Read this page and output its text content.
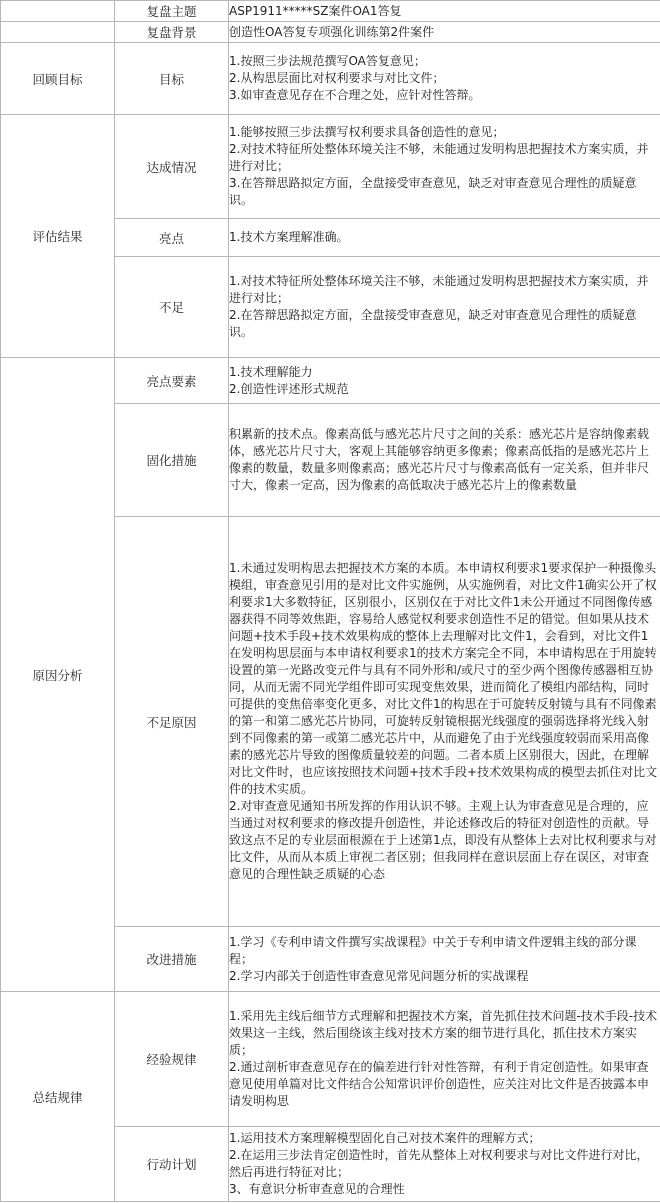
	复盘主题	ASP1911*****SZ案件OA1答复
	复盘背景	创造性OA答复专项强化训练第2件案件
回顾目标	目标	1.按照三步法规范撰写OA答复意见；
2.从构思层面比对权利要求与对比文件；
3.如审查意见存在不合理之处，应针对性答辩。

评估结果	达成情况	1.能够按照三步法撰写权利要求具备创造性的意见；
2.对技术特征所处整体环境关注不够，未能通过发明构思把握技术方案实质，并进行对比；
3.在答辩思路拟定方面，全盘接受审查意见，缺乏对审查意见合理性的质疑意识。

	亮点	1.技术方案理解准确。

	不足	1.对技术特征所处整体环境关注不够，未能通过发明构思把握技术方案实质，并进行对比；
2.在答辩思路拟定方面，全盘接受审查意见，缺乏对审查意见合理性的质疑意识。

原因分析	亮点要素	1.技术理解能力
2.创造性评述形式规范

	固化措施	积累新的技术点。像素高低与感光芯片尺寸之间的关系：感光芯片是容纳像素载体，感光芯片尺寸大，客观上其能够容纳更多像素；像素高低指的是感光芯片上像素的数量，数量多则像素高；感光芯片尺寸与像素高低有一定关系，但并非尺寸大，像素一定高，因为像素的高低取决于感光芯片上的像素数量

	不足原因	1.未通过发明构思去把握技术方案的本质。本申请权利要求1要求保护一种摄像头模组，审查意见引用的是对比文件实施例，从实施例看，对比文件1确实公开了权利要求1大多数特征，区别很小，区别仅在于对比文件1未公开通过不同图像传感器获得不同等效焦距，容易给人感觉权利要求创造性不足的错觉。但如果从技术问题+技术手段+技术效果构成的整体上去理解对比文件1，会看到，对比文件1在发明构思层面与本申请权利要求1的技术方案完全不同，本申请构思在于用旋转设置的第一光路改变元件与具有不同外形和/或尺寸的至少两个图像传感器相互协同，从而无需不同光学组件即可实现变焦效果，进而简化了模组内部结构，同时可提供的变焦倍率变化更多，对比文件1的构思在于可旋转反射镜与具有不同像素的第一和第二感光芯片协同，可旋转反射镜根据光线强度的强弱选择将光线入射到不同像素的第一或第二感光芯片中，从而避免了由于光线强度较弱而采用高像素的感光芯片导致的图像质量较差的问题。二者本质上区别很大，因此，在理解对比文件时，也应该按照技术问题+技术手段+技术效果构成的模型去抓住对比文件的技术实质。
2.对审查意见通知书所发挥的作用认识不够。主观上认为审查意见是合理的，应当通过对权利要求的修改提升创造性，并论述修改后的特征对创造性的贡献。导致这点不足的专业层面根源在于上述第1点，即没有从整体上去对比权利要求与对比文件，从而从本质上审视二者区别；但我同样在意识层面上存在误区，对审查意见的合理性缺乏质疑的心态

	改进措施	1.学习《专利申请文件撰写实战课程》中关于专利申请文件逻辑主线的部分课程；
2.学习内部关于创造性审查意见常见问题分析的实战课程

总结规律	经验规律	1.采用先主线后细节方式理解和把握技术方案，首先抓住技术问题-技术手段-技术效果这一主线，然后围绕该主线对技术方案的细节进行具化，抓住技术方案实质；
2.通过剖析审查意见存在的偏差进行针对性答辩，有利于肯定创造性。如果审查意见使用单篇对比文件结合公知常识评价创造性，应关注对比文件是否披露本申请发明构思

	行动计划	1.运用技术方案理解模型固化自己对技术案件的理解方式；
2.在运用三步法肯定创造性时，首先从整体上对权利要求与对比文件进行对比，然后再进行特征对比；
3、有意识分析审查意见的合理性
